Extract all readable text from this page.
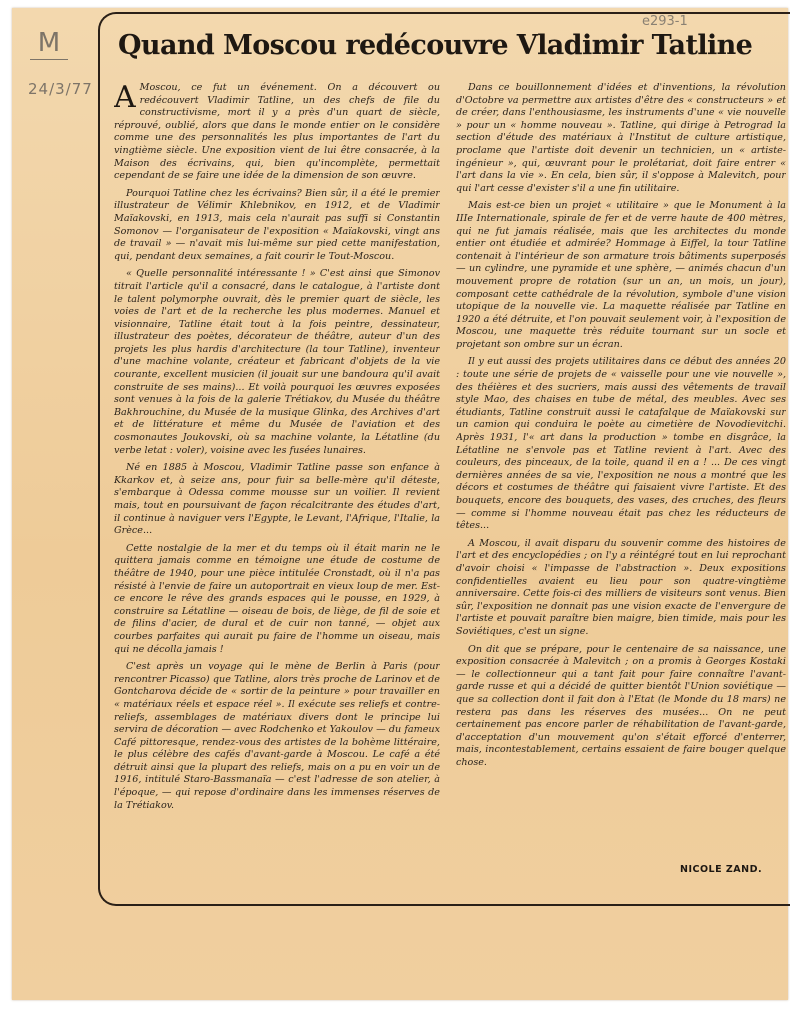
M
24/3/77
e293-1
Quand Moscou redécouvre Vladimir Tatline

A Moscou, ce fut un événement. On a découvert ou redécouvert Vladimir Tatline, un des chefs de file du constructivisme, mort il y a près d'un quart de siècle, réprouvé, oublié, alors que dans le monde entier on le considère comme une des personnalités les plus importantes de l'art du vingtième siècle. Une exposition vient de lui être consacrée, à la Maison des écrivains, qui, bien qu'incomplète, permettait cependant de se faire une idée de la dimension de son œuvre.

Pourquoi Tatline chez les écrivains? Bien sûr, il a été le premier illustrateur de Vélimir Khlebnikov, en 1912, et de Vladimir Maïakovski, en 1913, mais cela n'aurait pas suffi si Constantin Somonov — l'organisateur de l'exposition « Maïakovski, vingt ans de travail » — n'avait mis lui-même sur pied cette manifestation, qui, pendant deux semaines, a fait courir le Tout-Moscou.

« Quelle personnalité intéressante ! » C'est ainsi que Simonov titrait l'article qu'il a consacré, dans le catalogue, à l'artiste dont le talent polymorphe ouvrait, dès le premier quart de siècle, les voies de l'art et de la recherche les plus modernes. Manuel et visionnaire, Tatline était tout à la fois peintre, dessinateur, illustrateur des poètes, décorateur de théâtre, auteur d'un des projets les plus hardis d'architecture (la tour Tatline), inventeur d'une machine volante, créateur et fabricant d'objets de la vie courante, excellent musicien (il jouait sur une bandoura qu'il avait construite de ses mains)... Et voilà pourquoi les œuvres exposées sont venues à la fois de la galerie Trétiakov, du Musée du théâtre Bakhrouchine, du Musée de la musique Glinka, des Archives d'art et de littérature et même du Musée de l'aviation et des cosmonautes Joukovski, où sa machine volante, la Létatline (du verbe letat : voler), voisine avec les fusées lunaires.

Né en 1885 à Moscou, Vladimir Tatline passe son enfance à Kkarkov et, à seize ans, pour fuir sa belle-mère qu'il déteste, s'embarque à Odessa comme mousse sur un voilier. Il revient mais, tout en poursuivant de façon récalcitrante des études d'art, il continue à naviguer vers l'Egypte, le Levant, l'Afrique, l'Italie, la Grèce...

Cette nostalgie de la mer et du temps où il était marin ne le quittera jamais comme en témoigne une étude de costume de théâtre de 1940, pour une pièce intitulée Cronstadt, où il n'a pas résisté à l'envie de faire un autoportrait en vieux loup de mer. Est-ce encore le rêve des grands espaces qui le pousse, en 1929, à construire sa Létatline — oiseau de bois, de liège, de fil de soie et de filins d'acier, de dural et de cuir non tanné, — objet aux courbes parfaites qui aurait pu faire de l'homme un oiseau, mais qui ne décolla jamais !

C'est après un voyage qui le mène de Berlin à Paris (pour rencontrer Picasso) que Tatline, alors très proche de Larinov et de Gontcharova décide de « sortir de la peinture » pour travailler en « matériaux réels et espace réel ». Il exécute ses reliefs et contre-reliefs, assemblages de matériaux divers dont le principe lui servira de décoration — avec Rodchenko et Yakoulov — du fameux Café pittoresque, rendez-vous des artistes de la bohème littéraire, le plus célèbre des cafés d'avant-garde à Moscou. Le café a été détruit ainsi que la plupart des reliefs, mais on a pu en voir un de 1916, intitulé Staro-Bassmanaïa — c'est l'adresse de son atelier, à l'époque, — qui repose d'ordinaire dans les immenses réserves de la Trétiakov.

Dans ce bouillonnement d'idées et d'inventions, la révolution d'Octobre va permettre aux artistes d'être des « constructeurs » et de créer, dans l'enthousiasme, les instruments d'une « vie nouvelle » pour un « homme nouveau ». Tatline, qui dirige à Petrograd la section d'étude des matériaux à l'Institut de culture artistique, proclame que l'artiste doit devenir un technicien, un « artiste-ingénieur », qui, œuvrant pour le prolétariat, doit faire entrer « l'art dans la vie ». En cela, bien sûr, il s'oppose à Malevitch, pour qui l'art cesse d'exister s'il a une fin utilitaire.

Mais est-ce bien un projet « utilitaire » que le Monument à la IIIe Internationale, spirale de fer et de verre haute de 400 mètres, qui ne fut jamais réalisée, mais que les architectes du monde entier ont étudiée et admirée? Hommage à Eiffel, la tour Tatline contenait à l'intérieur de son armature trois bâtiments superposés — un cylindre, une pyramide et une sphère, — animés chacun d'un mouvement propre de rotation (sur un an, un mois, un jour), composant cette cathédrale de la révolution, symbole d'une vision utopique de la nouvelle vie. La maquette réalisée par Tatline en 1920 a été détruite, et l'on pouvait seulement voir, à l'exposition de Moscou, une maquette très réduite tournant sur un socle et projetant son ombre sur un écran.

Il y eut aussi des projets utilitaires dans ce début des années 20 : toute une série de projets de « vaisselle pour une vie nouvelle », des théières et des sucriers, mais aussi des vêtements de travail style Mao, des chaises en tube de métal, des meubles. Avec ses étudiants, Tatline construit aussi le catafalque de Maïakovski sur un camion qui conduira le poète au cimetière de Novodievitchi. Après 1931, l'« art dans la production » tombe en disgrâce, la Létatline ne s'envole pas et Tatline revient à l'art. Avec des couleurs, des pinceaux, de la toile, quand il en a ! ... De ces vingt dernières années de sa vie, l'exposition ne nous a montré que les décors et costumes de théâtre qui faisaient vivre l'artiste. Et des bouquets, encore des bouquets, des vases, des cruches, des fleurs — comme si l'homme nouveau était pas chez les réducteurs de têtes...

A Moscou, il avait disparu du souvenir comme des histoires de l'art et des encyclopédies ; on l'y a réintégré tout en lui reprochant d'avoir choisi « l'impasse de l'abstraction ». Deux expositions confidentielles avaient eu lieu pour son quatre-vingtième anniversaire. Cette fois-ci des milliers de visiteurs sont venus. Bien sûr, l'exposition ne donnait pas une vision exacte de l'envergure de l'artiste et pouvait paraître bien maigre, bien timide, mais pour les Soviétiques, c'est un signe.

On dit que se prépare, pour le centenaire de sa naissance, une exposition consacrée à Malevitch ; on a promis à Georges Kostaki — le collectionneur qui a tant fait pour faire connaître l'avant-garde russe et qui a décidé de quitter bientôt l'Union soviétique — que sa collection dont il fait don à l'Etat (le Monde du 18 mars) ne restera pas dans les réserves des musées... On ne peut certainement pas encore parler de réhabilitation de l'avant-garde, d'acceptation d'un mouvement qu'on s'était efforcé d'enterrer, mais, incontestablement, certains essaient de faire bouger quelque chose.

NICOLE ZAND.
